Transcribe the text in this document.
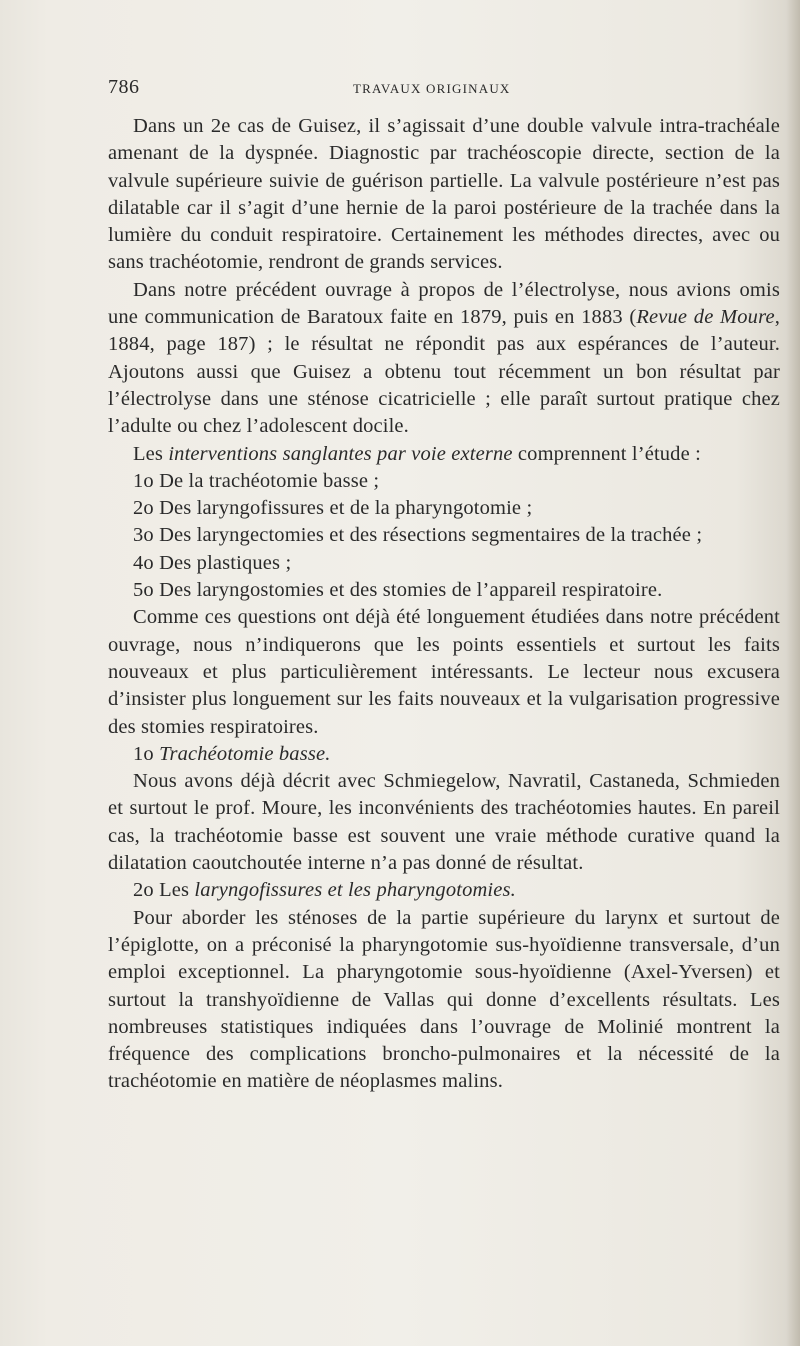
786	TRAVAUX ORIGINAUX

Dans un 2e cas de Guisez, il s’agissait d’une double valvule intra-trachéale amenant de la dyspnée. Diagnostic par trachéoscopie directe, section de la valvule supérieure suivie de guérison partielle. La valvule postérieure n’est pas dilatable car il s’agit d’une hernie de la paroi postérieure de la trachée dans la lumière du conduit respiratoire. Certainement les méthodes directes, avec ou sans trachéotomie, rendront de grands services.

Dans notre précédent ouvrage à propos de l’électrolyse, nous avions omis une communication de Baratoux faite en 1879, puis en 1883 (Revue de Moure, 1884, page 187) ; le résultat ne répondit pas aux espérances de l’auteur. Ajoutons aussi que Guisez a obtenu tout récemment un bon résultat par l’électrolyse dans une sténose cicatricielle ; elle paraît surtout pratique chez l’adulte ou chez l’adolescent docile.

Les interventions sanglantes par voie externe comprennent l’étude :

1o De la trachéotomie basse ;

2o Des laryngofissures et de la pharyngotomie ;

3o Des laryngectomies et des résections segmentaires de la trachée ;

4o Des plastiques ;

5o Des laryngostomies et des stomies de l’appareil respiratoire.

Comme ces questions ont déjà été longuement étudiées dans notre précédent ouvrage, nous n’indiquerons que les points essentiels et surtout les faits nouveaux et plus particulièrement intéressants. Le lecteur nous excusera d’insister plus longuement sur les faits nouveaux et la vulgarisation progressive des stomies respiratoires.

1o Trachéotomie basse.

Nous avons déjà décrit avec Schmiegelow, Navratil, Castaneda, Schmieden et surtout le prof. Moure, les inconvénients des trachéotomies hautes. En pareil cas, la trachéotomie basse est souvent une vraie méthode curative quand la dilatation caoutchoutée interne n’a pas donné de résultat.

2o Les laryngofissures et les pharyngotomies.

Pour aborder les sténoses de la partie supérieure du larynx et surtout de l’épiglotte, on a préconisé la pharyngotomie sus-hyoïdienne transversale, d’un emploi exceptionnel. La pharyngotomie sous-hyoïdienne (Axel-Yversen) et surtout la transhyoïdienne de Vallas qui donne d’excellents résultats. Les nombreuses statistiques indiquées dans l’ouvrage de Molinié montrent la fréquence des complications broncho-pulmonaires et la nécessité de la trachéotomie en matière de néoplasmes malins.
